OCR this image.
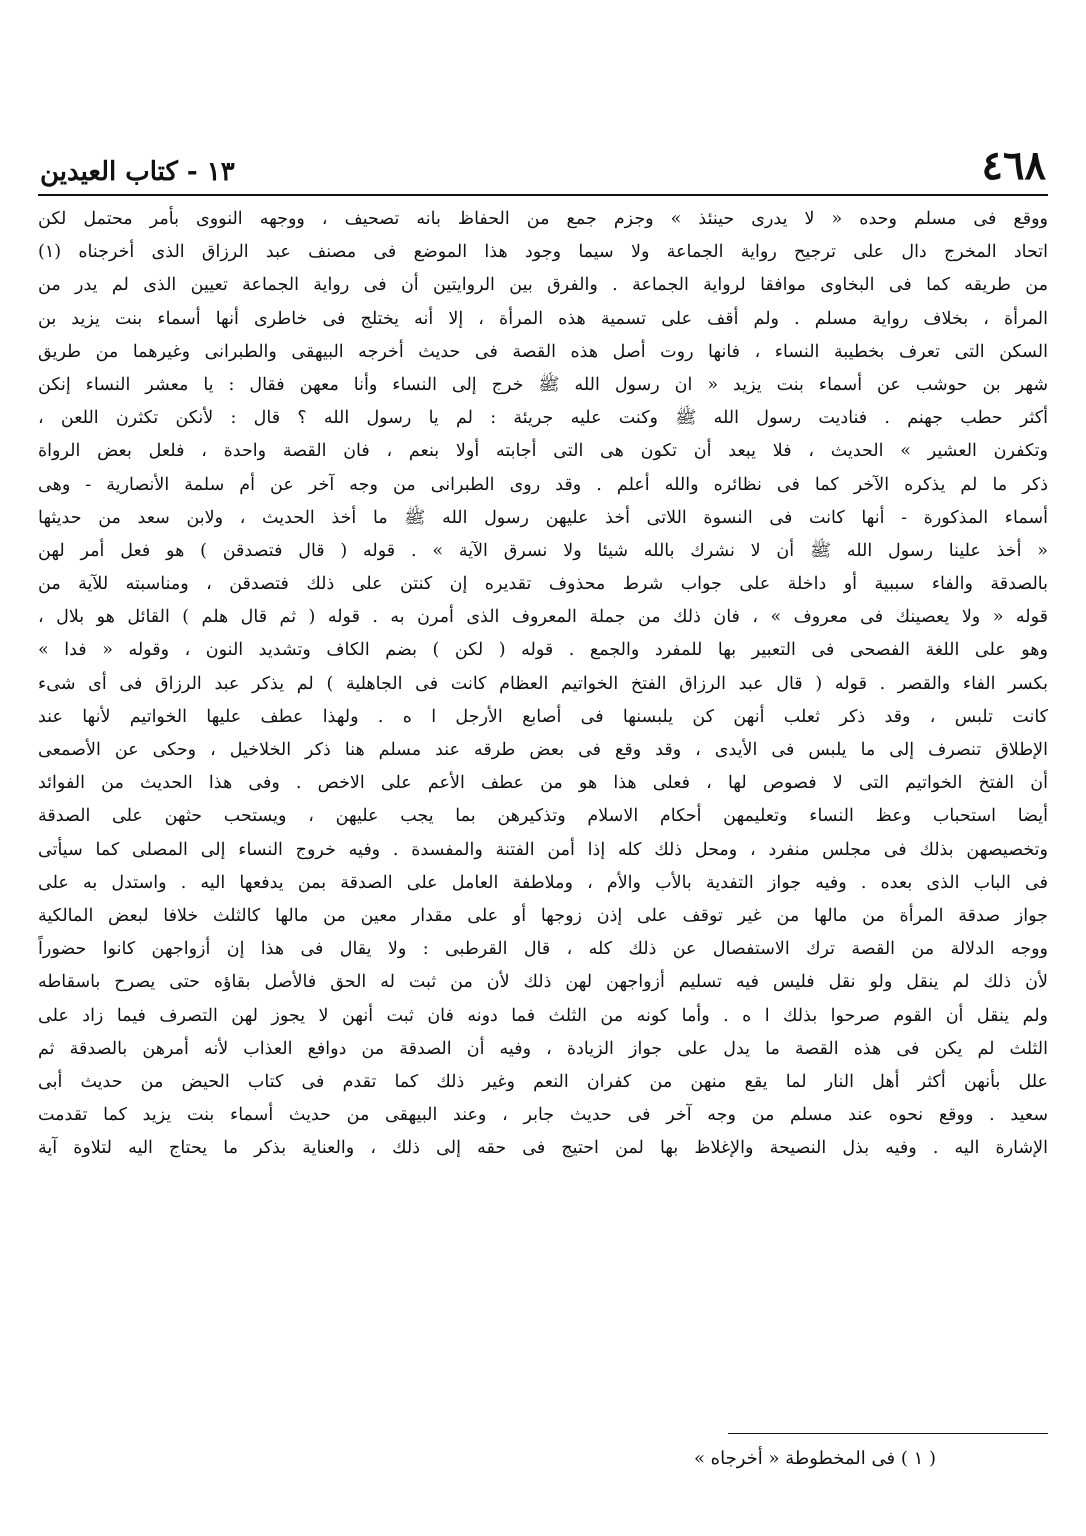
٤٦٨
١٣ - كتاب العيدين
ووقع فى مسلم وحده « لا يدرى حينئذ » وجزم جمع من الحفاظ بانه تصحيف ، ووجهه النووى بأمر محتمل لكن
اتحاد المخرج دال على ترجيح رواية الجماعة ولا سيما وجود هذا الموضع فى مصنف عبد الرزاق الذى أخرجناه (١)
من طريقه كما فى البخاوى موافقا لرواية الجماعة . والفرق بين الروايتين أن فى رواية الجماعة تعيين الذى لم يدر من
المرأة ، بخلاف رواية مسلم . ولم أقف على تسمية هذه المرأة ، إلا أنه يختلج فى خاطرى أنها أسماء بنت يزيد بن
السكن التى تعرف بخطيبة النساء ، فانها روت أصل هذه القصة فى حديث أخرجه البيهقى والطبرانى وغيرهما من طريق
شهر بن حوشب عن أسماء بنت يزيد « ان رسول الله ﷺ خرج إلى النساء وأنا معهن فقال : يا معشر النساء إنكن
أكثر حطب جهنم . فناديت رسول الله ﷺ وكنت عليه جريئة : لم يا رسول الله ؟ قال : لأنكن تكثرن اللعن ،
وتكفرن العشير » الحديث ، فلا يبعد أن تكون هى التى أجابته أولا بنعم ، فان القصة واحدة ، فلعل بعض الرواة
ذكر ما لم يذكره الآخر كما فى نظائره والله أعلم . وقد روى الطبرانى من وجه آخر عن أم سلمة الأنصارية - وهى
أسماء المذكورة - أنها كانت فى النسوة اللاتى أخذ عليهن رسول الله ﷺ ما أخذ الحديث ، ولابن سعد من حديثها
« أخذ علينا رسول الله ﷺ أن لا نشرك بالله شيئا ولا نسرق الآية » . قوله ( قال فتصدقن ) هو فعل أمر لهن
بالصدقة والفاء سببية أو داخلة على جواب شرط محذوف تقديره إن كنتن على ذلك فتصدقن ، ومناسبته للآية من
قوله « ولا يعصينك فى معروف » ، فان ذلك من جملة المعروف الذى أمرن به . قوله ( ثم قال هلم ) القائل هو بلال ،
وهو على اللغة الفصحى فى التعبير بها للمفرد والجمع . قوله ( لكن ) بضم الكاف وتشديد النون ، وقوله « فدا »
بكسر الفاء والقصر . قوله ( قال عبد الرزاق الفتخ الخواتيم العظام كانت فى الجاهلية ) لم يذكر عبد الرزاق فى أى شىء
كانت تلبس ، وقد ذكر ثعلب أنهن كن يلبسنها فى أصابع الأرجل ا ه . ولهذا عطف عليها الخواتيم لأنها عند
الإطلاق تنصرف إلى ما يلبس فى الأيدى ، وقد وقع فى بعض طرقه عند مسلم هنا ذكر الخلاخيل ، وحكى عن الأصمعى
أن الفتخ الخواتيم التى لا فصوص لها ، فعلى هذا هو من عطف الأعم على الاخص . وفى هذا الحديث من الفوائد
أيضا استحباب وعظ النساء وتعليمهن أحكام الاسلام وتذكيرهن بما يجب عليهن ، ويستحب حثهن على الصدقة
وتخصيصهن بذلك فى مجلس منفرد ، ومحل ذلك كله إذا أمن الفتنة والمفسدة . وفيه خروج النساء إلى المصلى كما سيأتى
فى الباب الذى بعده . وفيه جواز التفدية بالأب والأم ، وملاطفة العامل على الصدقة بمن يدفعها اليه . واستدل به على
جواز صدقة المرأة من مالها من غير توقف على إذن زوجها أو على مقدار معين من مالها كالثلث خلافا لبعض المالكية
ووجه الدلالة من القصة ترك الاستفصال عن ذلك كله ، قال القرطبى : ولا يقال فى هذا إن أزواجهن كانوا حضوراً
لأن ذلك لم ينقل ولو نقل فليس فيه تسليم أزواجهن لهن ذلك لأن من ثبت له الحق فالأصل بقاؤه حتى يصرح باسقاطه
ولم ينقل أن القوم صرحوا بذلك ا ه . وأما كونه من الثلث فما دونه فان ثبت أنهن لا يجوز لهن التصرف فيما زاد على
الثلث لم يكن فى هذه القصة ما يدل على جواز الزيادة ، وفيه أن الصدقة من دوافع العذاب لأنه أمرهن بالصدقة ثم
علل بأنهن أكثر أهل النار لما يقع منهن من كفران النعم وغير ذلك كما تقدم فى كتاب الحيض من حديث أبى
سعيد . ووقع نحوه عند مسلم من وجه آخر فى حديث جابر ، وعند البيهقى من حديث أسماء بنت يزيد كما تقدمت
الإشارة اليه . وفيه بذل النصيحة والإغلاظ بها لمن احتيج فى حقه إلى ذلك ، والعناية بذكر ما يحتاج اليه لتلاوة آية
( ١ ) فى المخطوطة « أخرجاه »
